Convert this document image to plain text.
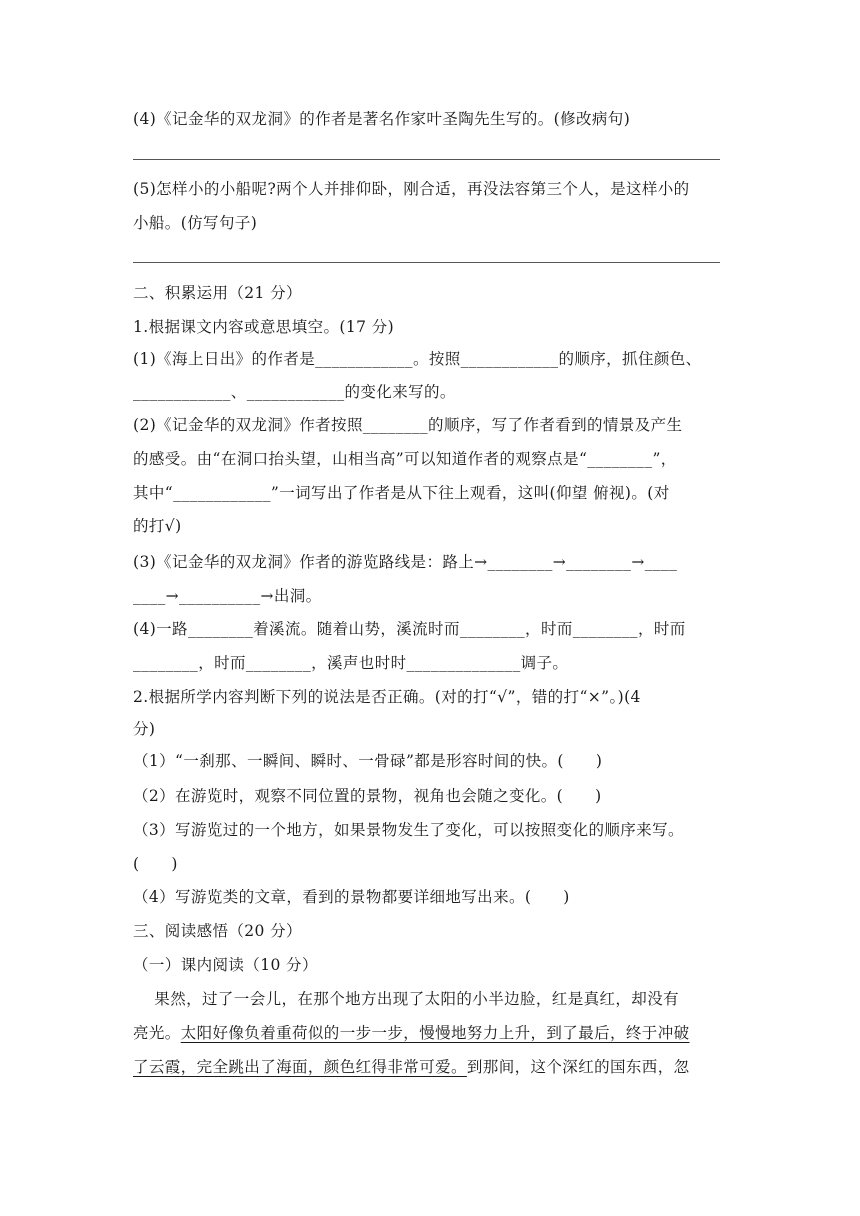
(4)《记金华的双龙洞》的作者是著名作家叶圣陶先生写的。(修改病句)
(5)怎样小的小船呢?两个人并排仰卧，刚合适，再没法容第三个人，是这样小的
小船。(仿写句子)
二、积累运用（21 分）
1.根据课文内容或意思填空。(17 分)
(1)《海上日出》的作者是____________。按照____________的顺序，抓住颜色、
____________、____________的变化来写的。
(2)《记金华的双龙洞》作者按照________的顺序，写了作者看到的情景及产生
的感受。由“在洞口抬头望，山相当高”可以知道作者的观察点是“________”，
其中“____________”一词写出了作者是从下往上观看，这叫(仰望 俯视)。(对
的打√)
(3)《记金华的双龙洞》作者的游览路线是：路上→________→________→____
____→__________→出洞。
(4)一路________着溪流。随着山势，溪流时而________，时而________，时而
________，时而________，溪声也时时______________调子。
2.根据所学内容判断下列的说法是否正确。(对的打“√”，错的打“×”。)(4
分)
（1）“一刹那、一瞬间、瞬时、一骨碌”都是形容时间的快。(      )
（2）在游览时，观察不同位置的景物，视角也会随之变化。(      )
（3）写游览过的一个地方，如果景物发生了变化，可以按照变化的顺序来写。
(      )
（4）写游览类的文章，看到的景物都要详细地写出来。(      )
三、阅读感悟（20 分）
（一）课内阅读（10 分）
果然，过了一会儿，在那个地方出现了太阳的小半边脸，红是真红，却没有
亮光。太阳好像负着重荷似的一步一步，慢慢地努力上升，到了最后，终于冲破
了云霞，完全跳出了海面，颜色红得非常可爱。到那间，这个深红的国东西，忽
